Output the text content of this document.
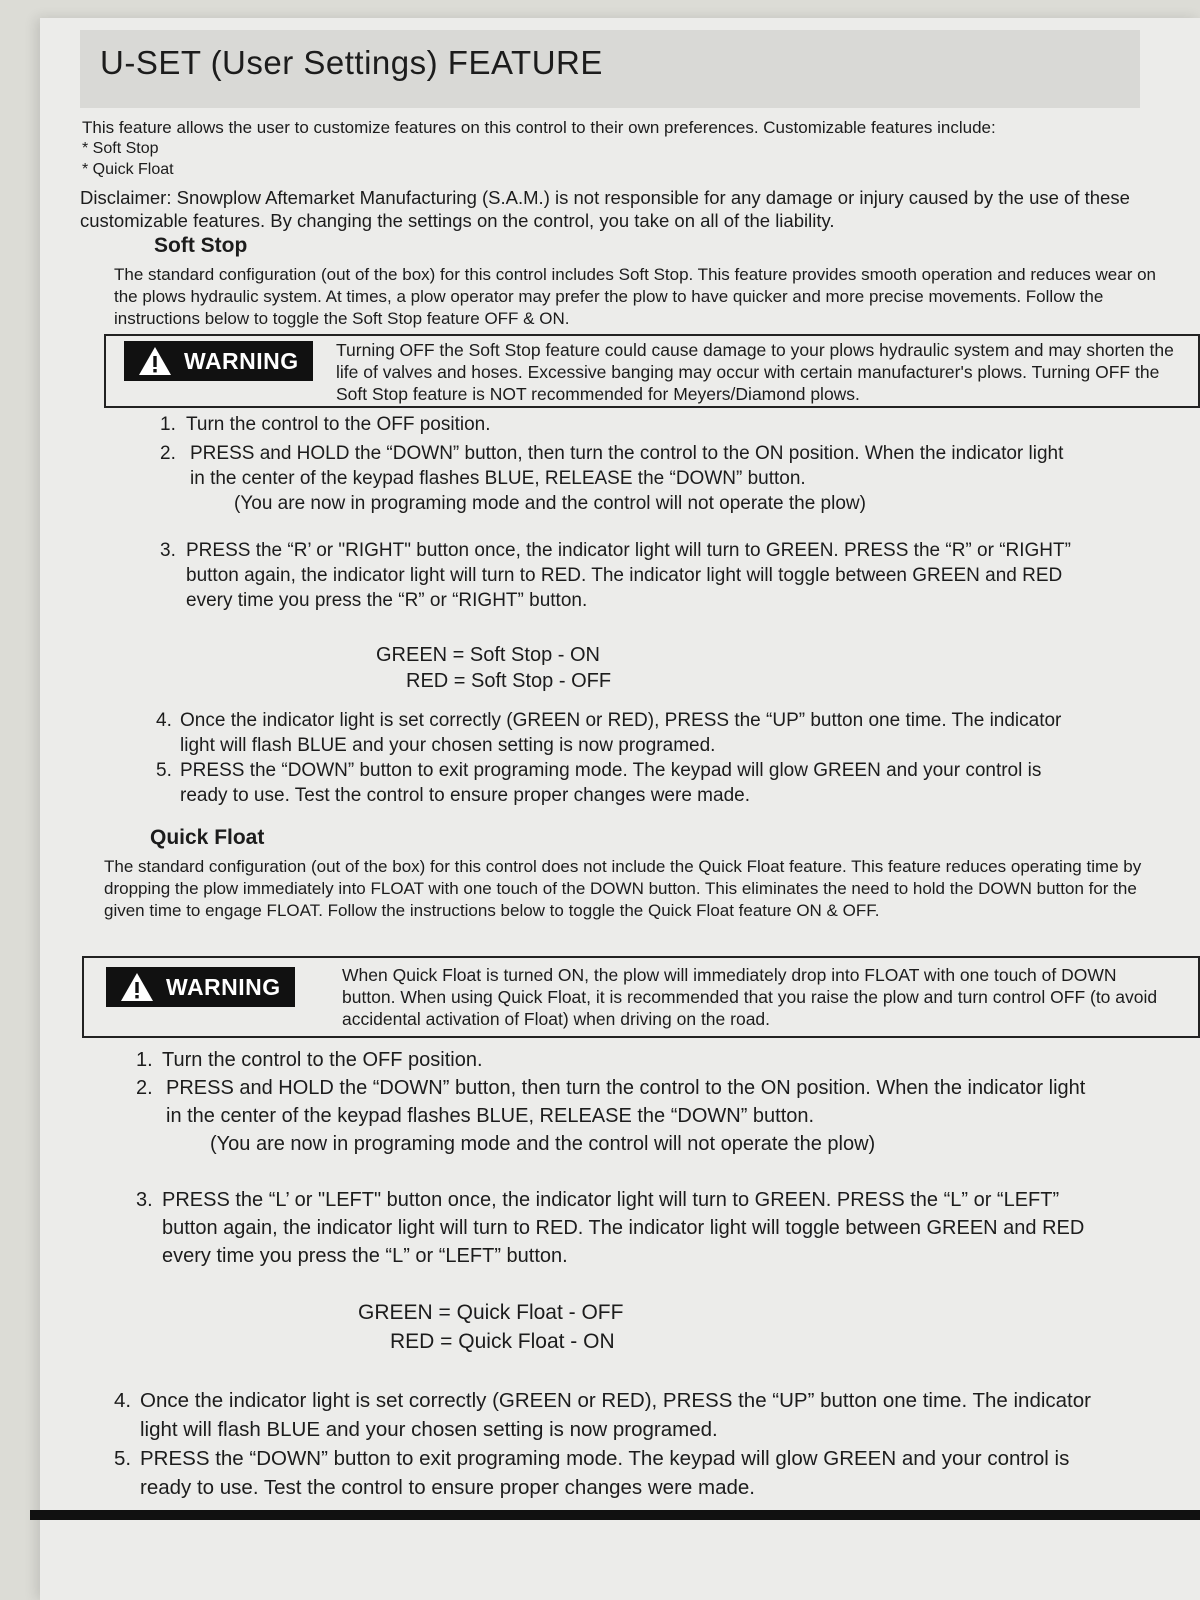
U-SET (User Settings) FEATURE
This feature allows the user to customize features on this control to their own preferences. Customizable features include:
* Soft Stop
* Quick Float
Disclaimer: Snowplow Aftemarket Manufacturing (S.A.M.) is not responsible for any damage or injury caused by the use of these customizable features. By changing the settings on the control, you take on all of the liability.
Soft Stop
The standard configuration (out of the box) for this control includes Soft Stop. This feature provides smooth operation and reduces wear on the plows hydraulic system. At times, a plow operator may prefer the plow to have quicker and more precise movements. Follow the instructions below to toggle the Soft Stop feature OFF & ON.
WARNING Turning OFF the Soft Stop feature could cause damage to your plows hydraulic system and may shorten the life of valves and hoses. Excessive banging may occur with certain manufacturer's plows. Turning OFF the Soft Stop feature is NOT recommended for Meyers/Diamond plows.
1. Turn the control to the OFF position.
2. PRESS and HOLD the “DOWN” button, then turn the control to the ON position. When the indicator light in the center of the keypad flashes BLUE, RELEASE the “DOWN” button.
(You are now in programing mode and the control will not operate the plow)
3. PRESS the “R’ or "RIGHT" button once, the indicator light will turn to GREEN. PRESS the “R” or “RIGHT” button again, the indicator light will turn to RED. The indicator light will toggle between GREEN and RED every time you press the “R” or “RIGHT” button.
GREEN = Soft Stop - ON
RED = Soft Stop - OFF
4. Once the indicator light is set correctly (GREEN or RED), PRESS the “UP” button one time. The indicator light will flash BLUE and your chosen setting is now programed.
5. PRESS the “DOWN” button to exit programing mode. The keypad will glow GREEN and your control is ready to use. Test the control to ensure proper changes were made.
Quick Float
The standard configuration (out of the box) for this control does not include the Quick Float feature. This feature reduces operating time by dropping the plow immediately into FLOAT with one touch of the DOWN button. This eliminates the need to hold the DOWN button for the given time to engage FLOAT. Follow the instructions below to toggle the Quick Float feature ON & OFF.
WARNING	When Quick Float is turned ON, the plow will immediately drop into FLOAT with one touch of DOWN button. When using Quick Float, it is recommended that you raise the plow and turn control OFF (to avoid accidental activation of Float) when driving on the road.
1. Turn the control to the OFF position.
2. PRESS and HOLD the “DOWN” button, then turn the control to the ON position. When the indicator light in the center of the keypad flashes BLUE, RELEASE the “DOWN” button.
(You are now in programing mode and the control will not operate the plow)
3. PRESS the “L’ or "LEFT" button once, the indicator light will turn to GREEN. PRESS the “L” or “LEFT” button again, the indicator light will turn to RED. The indicator light will toggle between GREEN and RED every time you press the “L” or “LEFT” button.
GREEN = Quick Float - OFF
RED = Quick Float - ON
4. Once the indicator light is set correctly (GREEN or RED), PRESS the “UP” button one time. The indicator light will flash BLUE and your chosen setting is now programed.
5. PRESS the “DOWN” button to exit programing mode. The keypad will glow GREEN and your control is ready to use. Test the control to ensure proper changes were made.
